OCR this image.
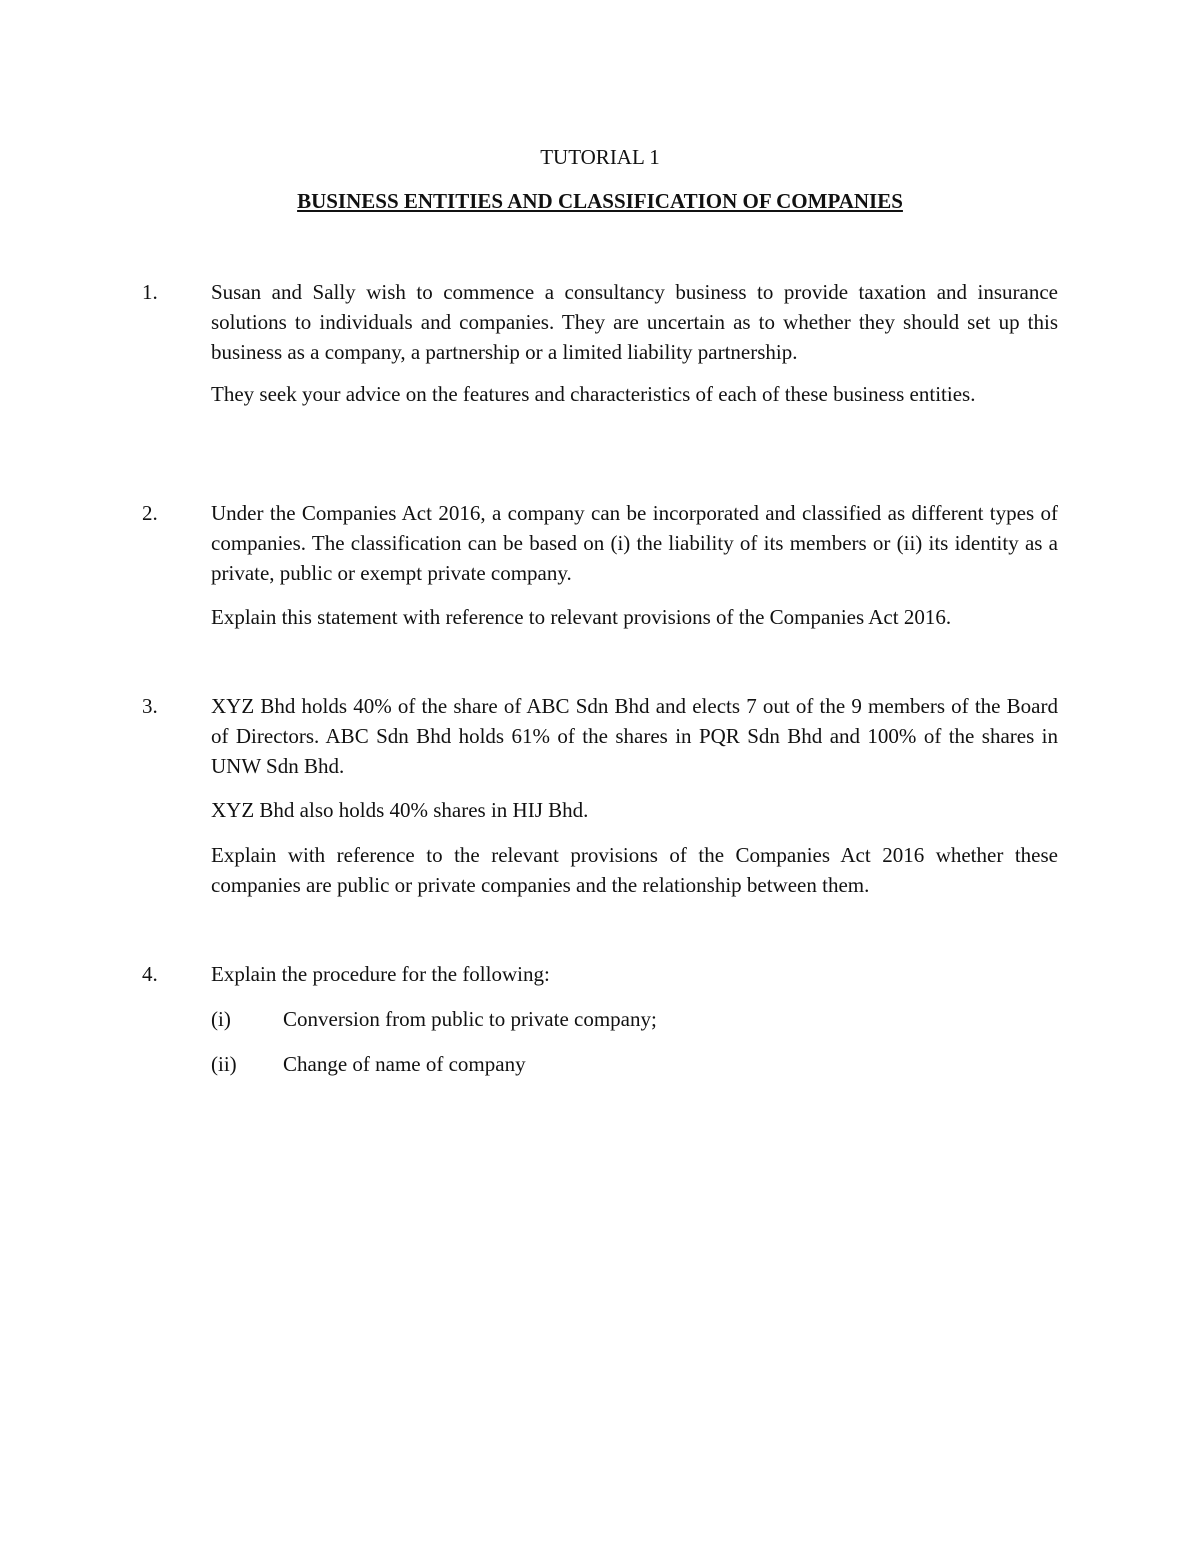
TUTORIAL 1
BUSINESS ENTITIES AND CLASSIFICATION OF COMPANIES
1.	Susan and Sally wish to commence a consultancy business to provide taxation and insurance solutions to individuals and companies. They are uncertain as to whether they should set up this business as a company, a partnership or a limited liability partnership.

They seek your advice on the features and characteristics of each of these business entities.

2.	Under the Companies Act 2016, a company can be incorporated and classified as different types of companies. The classification can be based on (i) the liability of its members or (ii) its identity as a private, public or exempt private company.

Explain this statement with reference to relevant provisions of the Companies Act 2016.

3.	XYZ Bhd holds 40% of the share of ABC Sdn Bhd and elects 7 out of the 9 members of the Board of Directors. ABC Sdn Bhd holds 61% of the shares in PQR Sdn Bhd and 100% of the shares in UNW Sdn Bhd.

XYZ Bhd also holds 40% shares in HIJ Bhd.

Explain with reference to the relevant provisions of the Companies Act 2016 whether these companies are public or private companies and the relationship between them.

4.	Explain the procedure for the following:

(i) Conversion from public to private company;
(ii) Change of name of company
